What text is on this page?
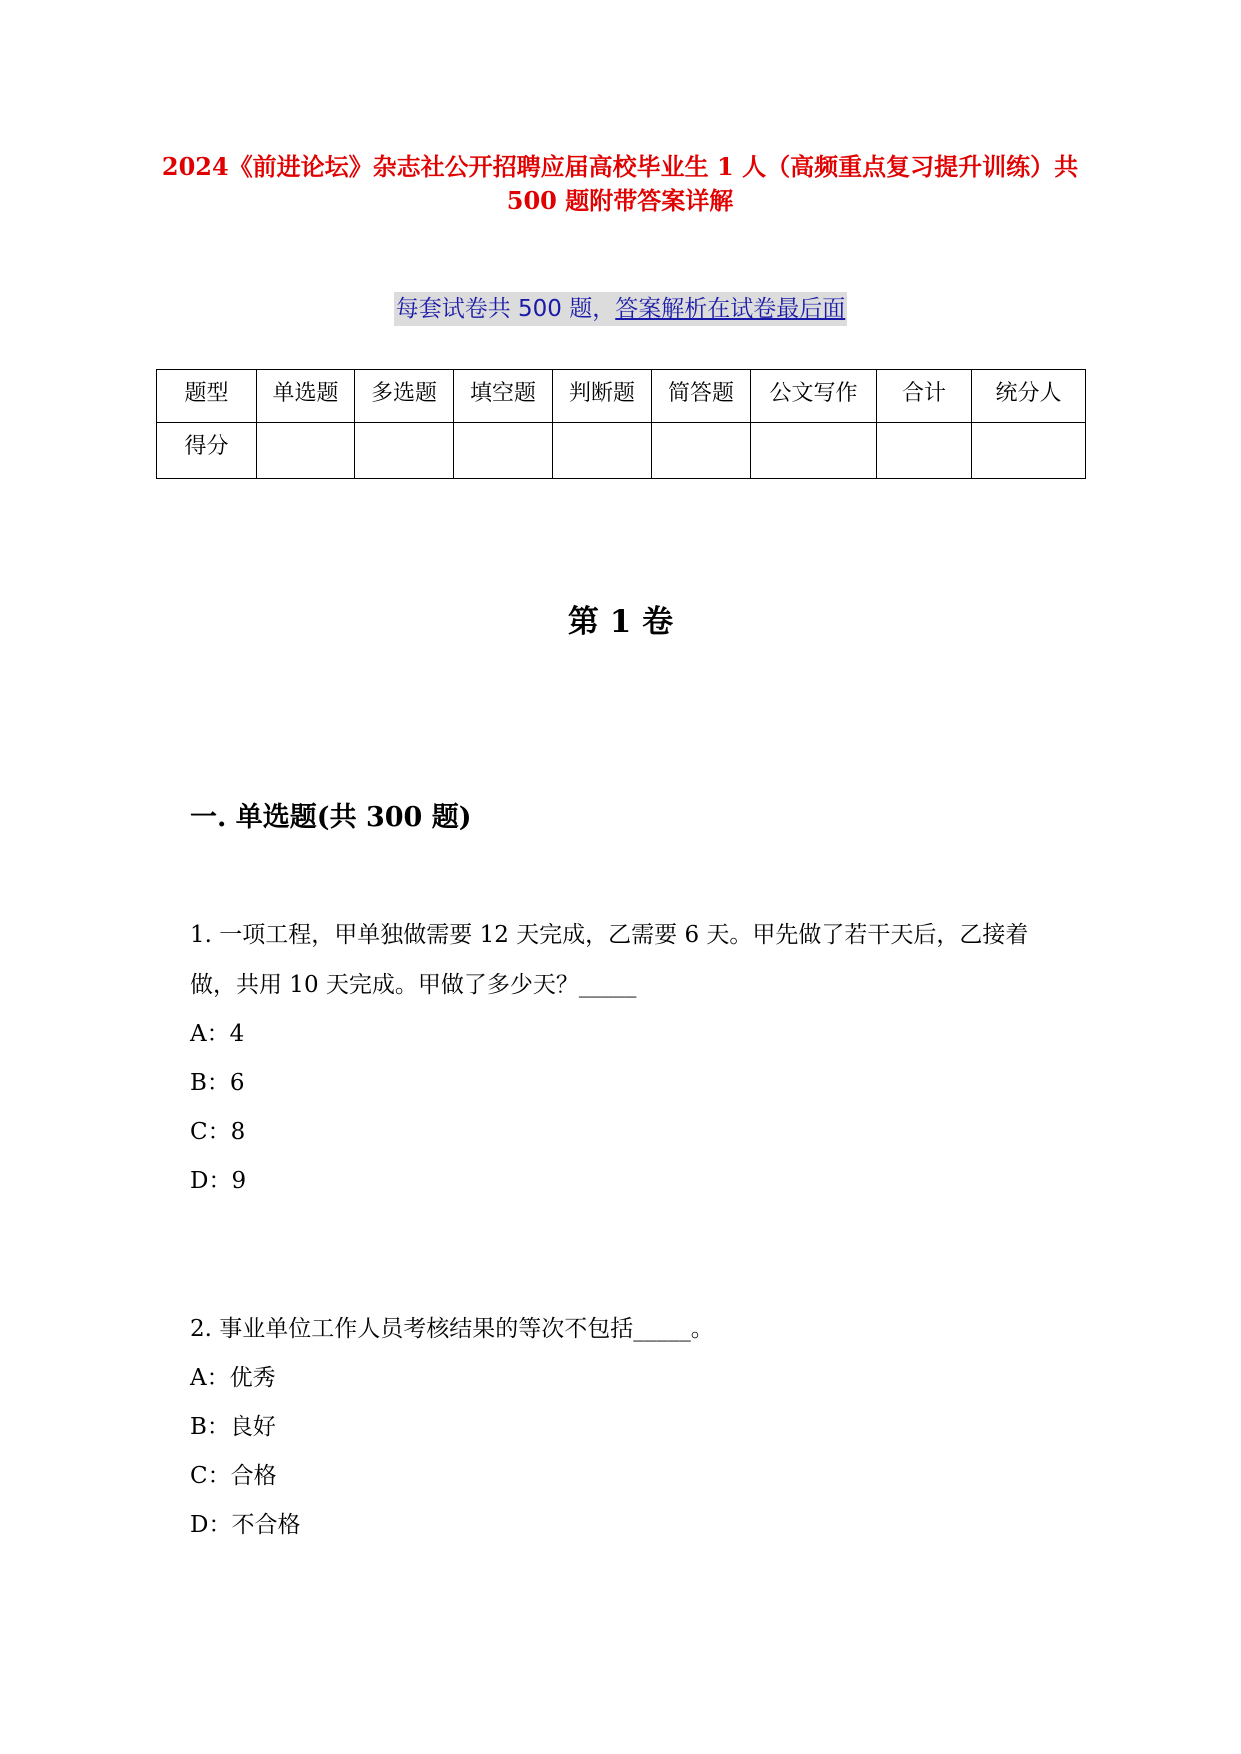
2024《前进论坛》杂志社公开招聘应届高校毕业生 1 人（高频重点复习提升训练）共 500 题附带答案详解
每套试卷共 500 题，答案解析在试卷最后面
题型	单选题	多选题	填空题	判断题	简答题	公文写作	合计	统分人
得分								
第 1 卷
一. 单选题(共 300 题)

1. 一项工程，甲单独做需要 12 天完成，乙需要 6 天。甲先做了若干天后，乙接着做，共用 10 天完成。甲做了多少天？_____

A：4

B：6

C：8

D：9

2. 事业单位工作人员考核结果的等次不包括_____。

A：优秀

B：良好

C：合格

D：不合格
